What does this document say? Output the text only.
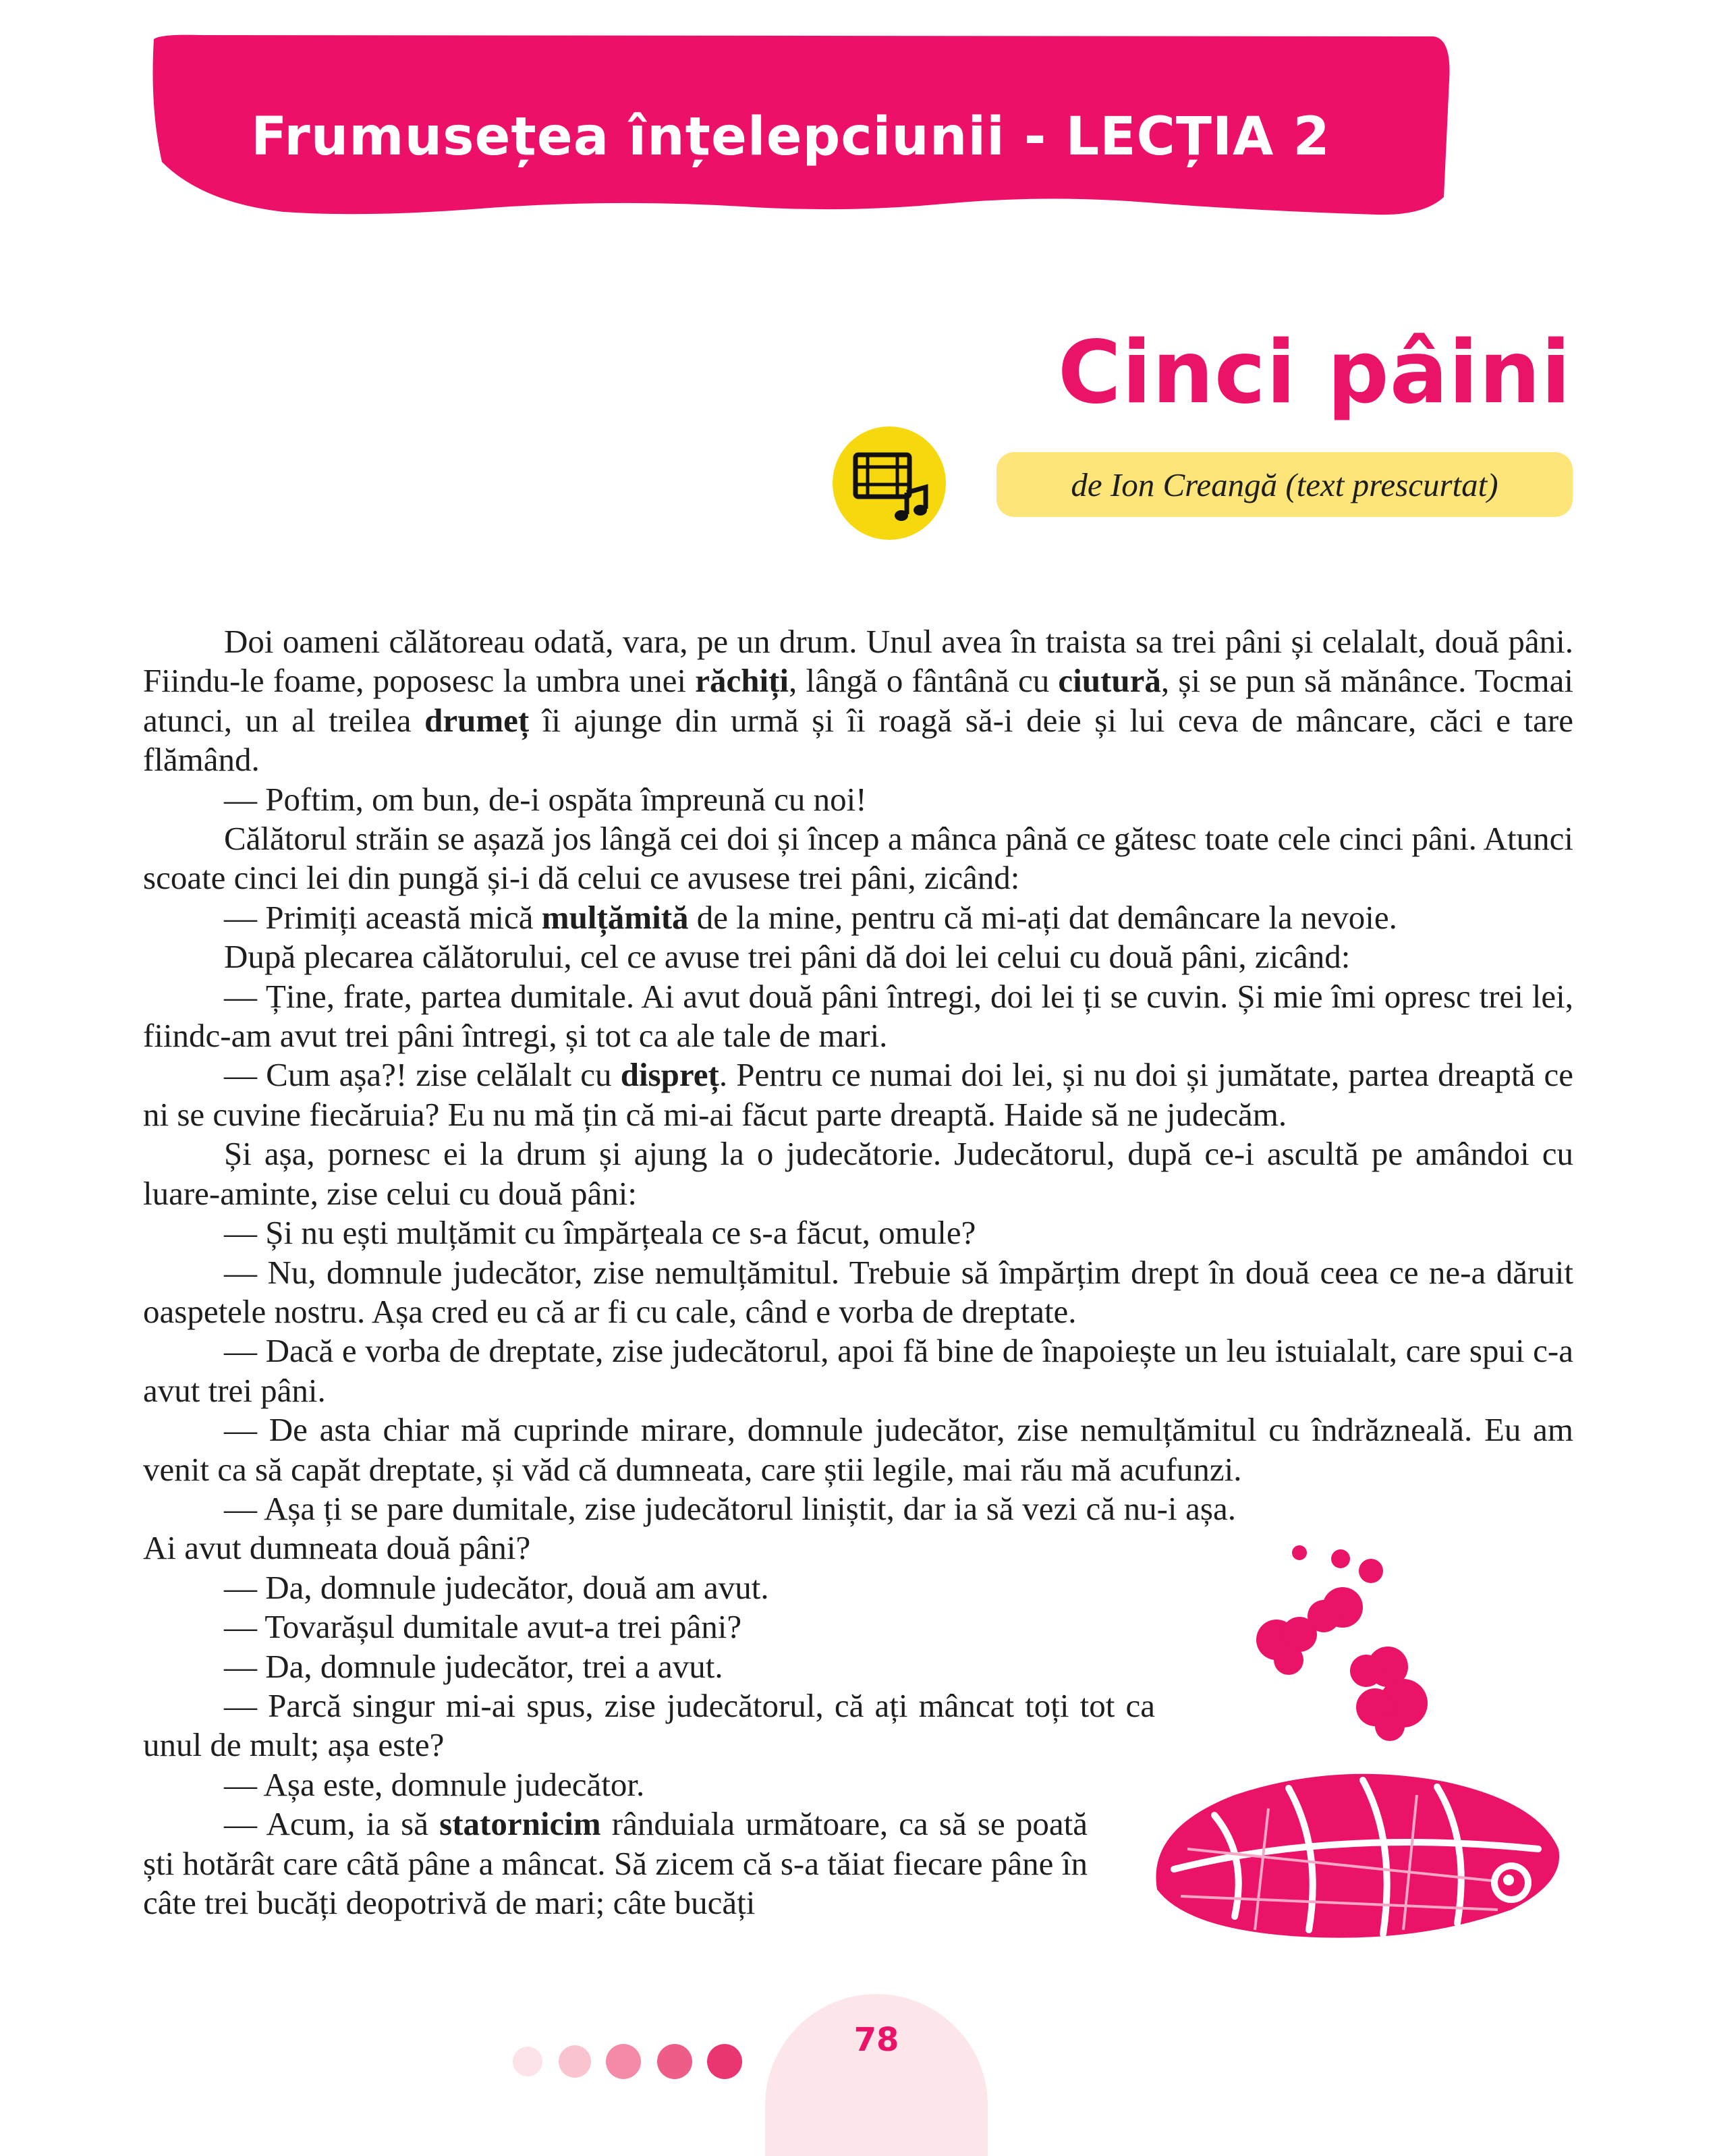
Frumusețea înțelepciunii - LECȚIA 2
Cinci pâini
de Ion Creangă (text prescurtat)

Doi oameni călătoreau odată, vara, pe un drum. Unul avea în traista sa trei pâni și celalalt, două pâni. Fiindu-le foame, poposesc la umbra unei răchiți, lângă o fântână cu ciutură, și se pun să mănânce. Tocmai atunci, un al treilea drumeț îi ajunge din urmă și îi roagă să-i deie și lui ceva de mâncare, căci e tare flămând.

— Poftim, om bun, de-i ospăta împreună cu noi!

Călătorul străin se așază jos lângă cei doi și încep a mânca până ce gătesc toate cele cinci pâni. Atunci scoate cinci lei din pungă și-i dă celui ce avusese trei pâni, zicând:

— Primiți această mică mulțămită de la mine, pentru că mi-ați dat demâncare la nevoie.

După plecarea călătorului, cel ce avuse trei pâni dă doi lei celui cu două pâni, zicând:

— Ține, frate, partea dumitale. Ai avut două pâni întregi, doi lei ți se cuvin. Și mie îmi opresc trei lei, fiindc-am avut trei pâni întregi, și tot ca ale tale de mari.

— Cum așa?! zise celălalt cu dispreț. Pentru ce numai doi lei, și nu doi și jumătate, partea dreaptă ce ni se cuvine fiecăruia? Eu nu mă țin că mi-ai făcut parte dreaptă. Haide să ne judecăm.

Și așa, pornesc ei la drum și ajung la o judecătorie. Judecătorul, după ce-i ascultă pe amândoi cu luare-aminte, zise celui cu două pâni:

— Și nu ești mulțămit cu împărțeala ce s-a făcut, omule?

— Nu, domnule judecător, zise nemulțămitul. Trebuie să împărțim drept în două ceea ce ne-a dăruit oaspetele nostru. Așa cred eu că ar fi cu cale, când e vorba de dreptate.

— Dacă e vorba de dreptate, zise judecătorul, apoi fă bine de înapoiește un leu istuialalt, care spui c-a avut trei pâni.

— De asta chiar mă cuprinde mirare, domnule judecător, zise nemulțămitul cu îndrăzneală. Eu am venit ca să capăt dreptate, și văd că dumneata, care știi legile, mai rău mă acufunzi.

— Așa ți se pare dumitale, zise judecătorul liniștit, dar ia să vezi că nu-i așa. Ai avut dumneata două pâni?

— Da, domnule judecător, două am avut.

— Tovarășul dumitale avut-a trei pâni?

— Da, domnule judecător, trei a avut.

— Parcă singur mi-ai spus, zise judecătorul, că ați mâncat toți tot ca unul de mult; așa este?

— Așa este, domnule judecător.

— Acum, ia să statornicim rânduiala următoare, ca să se poată ști hotărât care câtă pâne a mâncat. Să zicem că s-a tăiat fiecare pâne în câte trei bucăți deopotrivă de mari; câte bucăți

78
